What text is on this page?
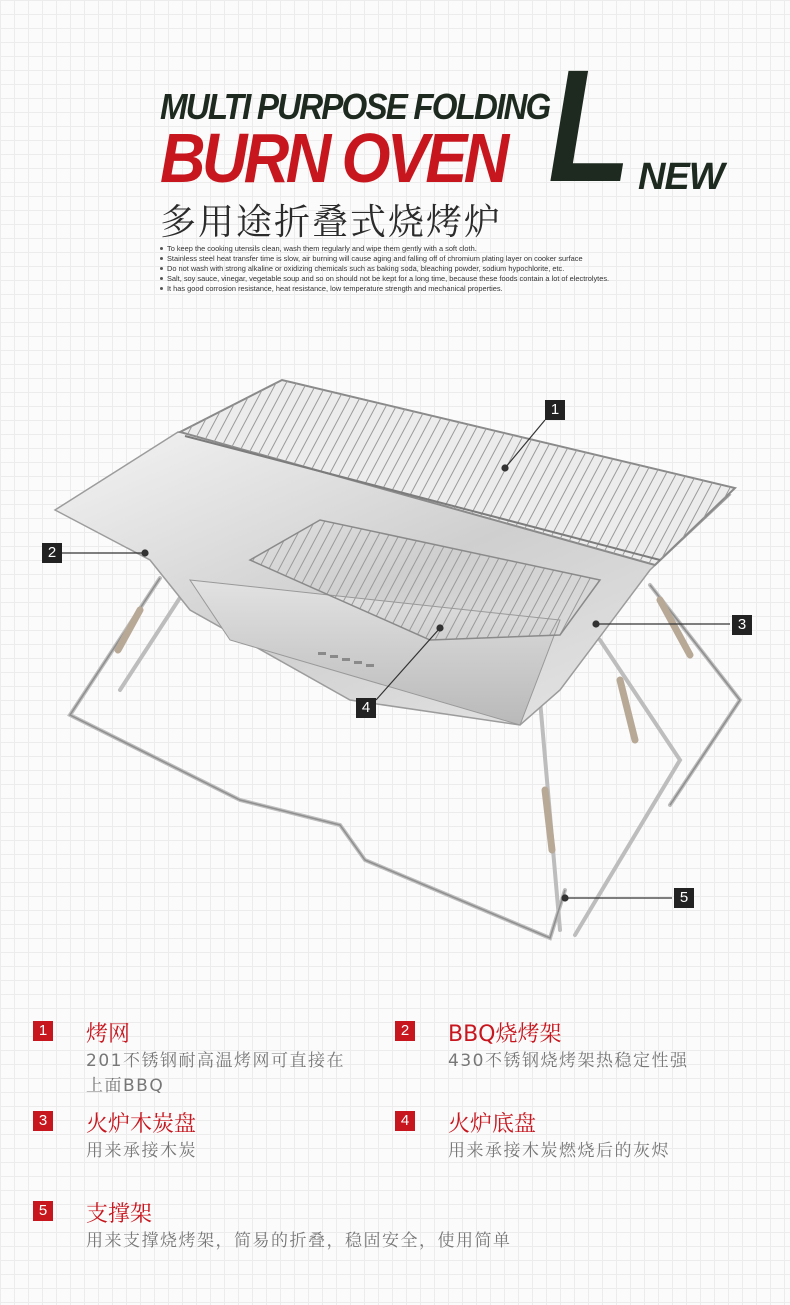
MULTI PURPOSE FOLDING
BURN OVEN L NEW
多用途折叠式烧烤炉
To keep the cooking utensils clean, wash them regularly and wipe them gently with a soft cloth.
Stainless steel heat transfer time is slow, air burning will cause aging and falling off of chromium plating layer on cooker surface
Do not wash with strong alkaline or oxidizing chemicals such as baking soda, bleaching powder, sodium hypochlorite, etc.
Salt, soy sauce, vinegar, vegetable soup and so on should not be kept for a long time, because these foods contain a lot of electrolytes.
It has good corrosion resistance, heat resistance, low temperature strength and mechanical properties.
1
2
3
4
5
1 烤网
201不锈钢耐高温烤网可直接在
上面BBQ
2 BBQ烧烤架
430不锈钢烧烤架热稳定性强
3 火炉木炭盘
用来承接木炭
4 火炉底盘
用来承接木炭燃烧后的灰烬
5 支撑架
用来支撑烧烤架，简易的折叠，稳固安全，使用简单
